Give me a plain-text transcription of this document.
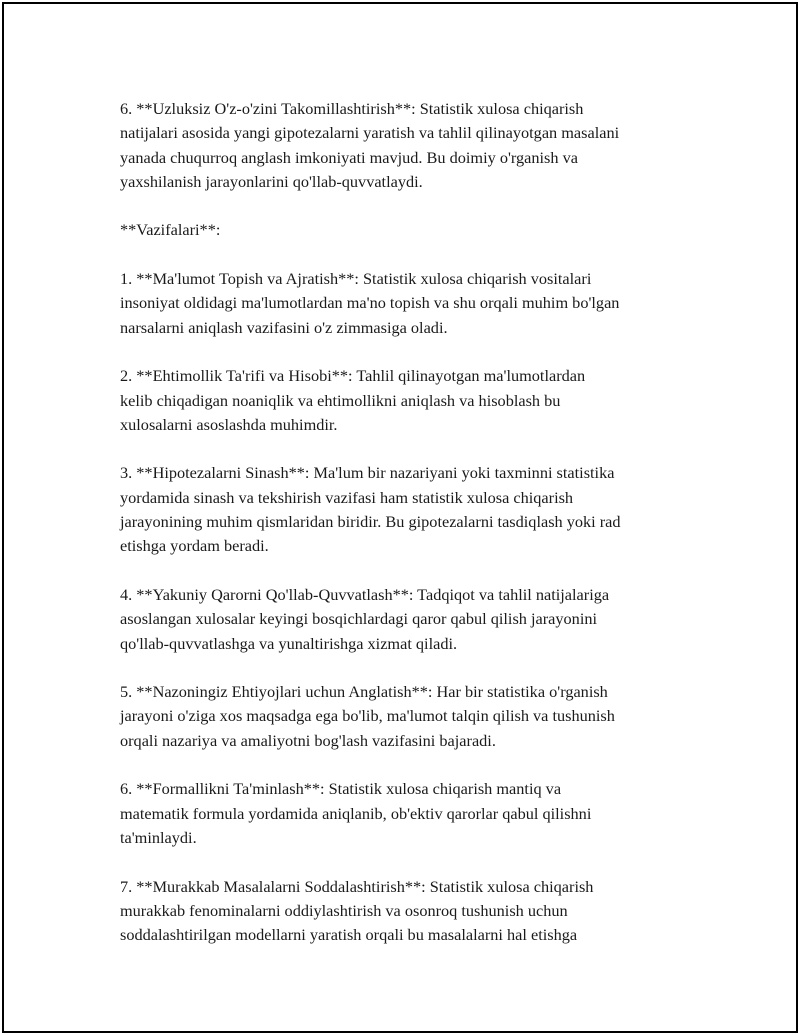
6. **Uzluksiz O'z-o'zini Takomillashtirish**: Statistik xulosa chiqarish
natijalari asosida yangi gipotezalarni yaratish va tahlil qilinayotgan masalani
yanada chuqurroq anglash imkoniyati mavjud. Bu doimiy o'rganish va
yaxshilanish jarayonlarini qo'llab-quvvatlaydi.
**Vazifalari**:
1. **Ma'lumot Topish va Ajratish**: Statistik xulosa chiqarish vositalari
insoniyat oldidagi ma'lumotlardan ma'no topish va shu orqali muhim bo'lgan
narsalarni aniqlash vazifasini o'z zimmasiga oladi.
2. **Ehtimollik Ta'rifi va Hisobi**: Tahlil qilinayotgan ma'lumotlardan
kelib chiqadigan noaniqlik va ehtimollikni aniqlash va hisoblash bu
xulosalarni asoslashda muhimdir.
3. **Hipotezalarni Sinash**: Ma'lum bir nazariyani yoki taxminni statistika
yordamida sinash va tekshirish vazifasi ham statistik xulosa chiqarish
jarayonining muhim qismlaridan biridir. Bu gipotezalarni tasdiqlash yoki rad
etishga yordam beradi.
4. **Yakuniy Qarorni Qo'llab-Quvvatlash**: Tadqiqot va tahlil natijalariga
asoslangan xulosalar keyingi bosqichlardagi qaror qabul qilish jarayonini
qo'llab-quvvatlashga va yunaltirishga xizmat qiladi.
5. **Nazoningiz Ehtiyojlari uchun Anglatish**: Har bir statistika o'rganish
jarayoni o'ziga xos maqsadga ega bo'lib, ma'lumot talqin qilish va tushunish
orqali nazariya va amaliyotni bog'lash vazifasini bajaradi.
6. **Formallikni Ta'minlash**: Statistik xulosa chiqarish mantiq va
matematik formula yordamida aniqlanib, ob'ektiv qarorlar qabul qilishni
ta'minlaydi.
7. **Murakkab Masalalarni Soddalashtirish**: Statistik xulosa chiqarish
murakkab fenominalarni oddiylashtirish va osonroq tushunish uchun
soddalashtirilgan modellarni yaratish orqali bu masalalarni hal etishga
